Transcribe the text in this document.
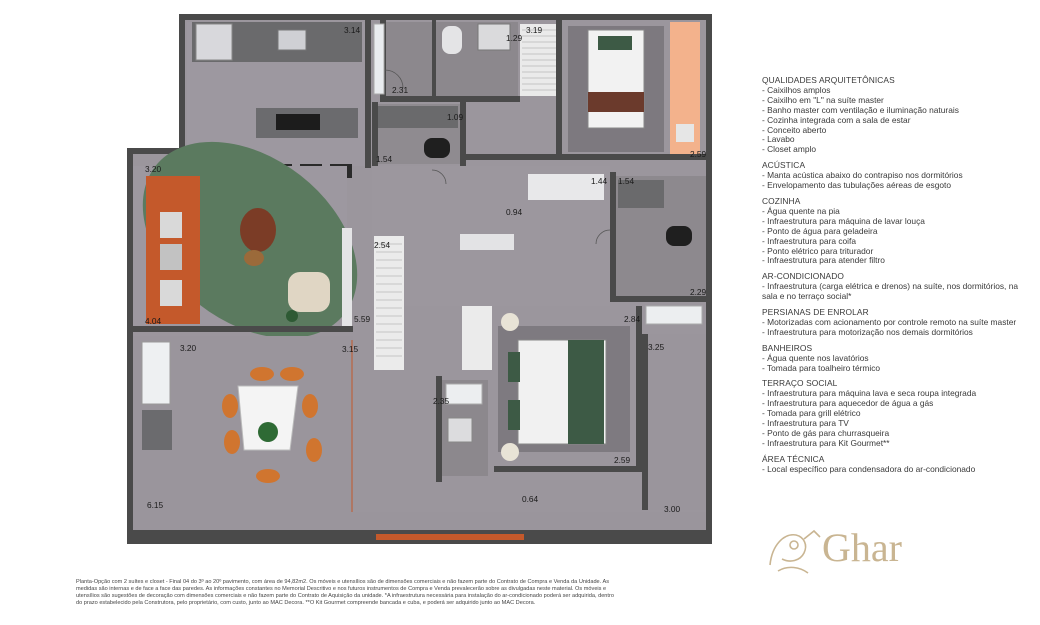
3.14
1.29
3.19
2.31
1.09
1.54	2.59
3.20
0.94
1.44 1.54
2.54
2.29
4.04	5.59	2.84
3.20	3.15	3.25
2.35
2.59
6.15
0.64
3.00
QUALIDADES ARQUITETÔNICAS
- Caixilhos amplos
- Caixilho em "L" na suíte master
- Banho master com ventilação e iluminação naturais
- Cozinha integrada com a sala de estar
- Conceito aberto
- Lavabo
- Closet amplo
ACÚSTICA
- Manta acústica abaixo do contrapiso nos dormitórios
- Envelopamento das tubulações aéreas de esgoto
COZINHA
- Água quente na pia
- Infraestrutura para máquina de lavar louça
- Ponto de água para geladeira
- Infraestrutura para coifa
- Ponto elétrico para triturador
- Infraestrutura para atender filtro
AR-CONDICIONADO
- Infraestrutura (carga elétrica e drenos) na suíte, nos dormitórios, na sala e no terraço social*
PERSIANAS DE ENROLAR
- Motorizadas com acionamento por controle remoto na suíte master
- Infraestrutura para motorização nos demais dormitórios
BANHEIROS
- Água quente nos lavatórios
- Tomada para toalheiro térmico
TERRAÇO SOCIAL
- Infraestrutura para máquina lava e seca roupa integrada
- Infraestrutura para aquecedor de água a gás
- Tomada para grill elétrico
- Infraestrutura para TV
- Ponto de gás para churrasqueira
- Infraestrutura para Kit Gourmet**
ÁREA TÉCNICA
- Local específico para condensadora do ar-condicionado
Ghar
Planta-Opção com 2 suítes e closet - Final 04 do 3º ao 20º pavimento, com área de 94,82m2. Os móveis e utensílios são de dimensões comerciais e não fazem parte do Contrato de Compra e Venda da Unidade. As medidas são internas e de face a face das paredes. As informações constantes no Memorial Descritivo e nos futuros instrumentos de Compra e Venda prevalecerão sobre as divulgadas neste material. Os móveis e utensílios são sugestões de decoração com dimensões comerciais e não fazem parte do Contrato de Aquisição da unidade. *A infraestrutura necessária para instalação do ar-condicionado poderá ser adquirida, dentro do prazo estabelecido pela Construtora, pelo proprietário, com custo, junto ao MAC Decora. **O Kit Gourmet compreende bancada e cuba, e poderá ser adquirido junto ao MAC Decora.
